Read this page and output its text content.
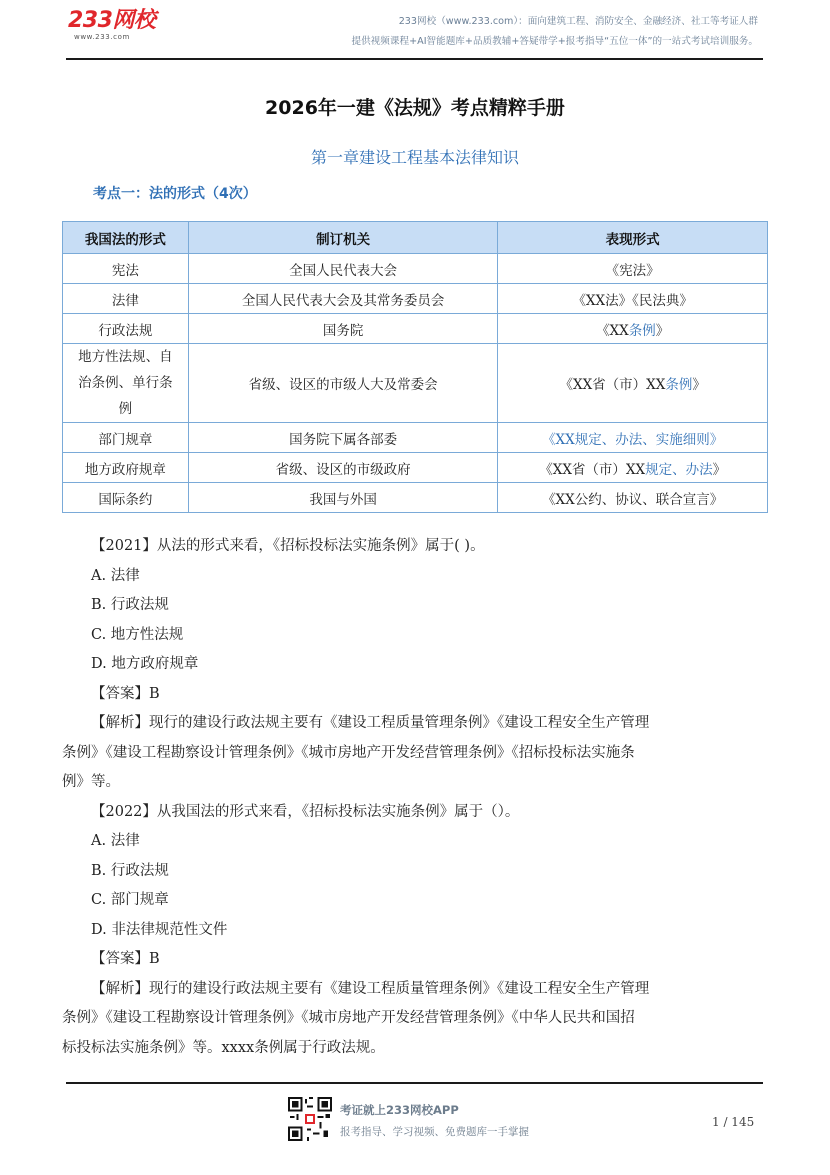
233网校
www.233.com
233网校（www.233.com）：面向建筑工程、消防安全、金融经济、社工等考证人群
提供视频课程+AI智能题库+品质教辅+答疑带学+报考指导“五位一体”的一站式考试培训服务。
2026年一建《法规》考点精粹手册
第一章建设工程基本法律知识
考点一：法的形式（4次）
我国法的形式	制订机关	表现形式
宪法	全国人民代表大会	《宪法》
法律	全国人民代表大会及其常务委员会	《XX法》《民法典》
行政法规	国务院	《XX条例》

地方性法规、自
治条例、单行条
例	省级、设区的市级人大及常委会	《XX省（市）XX条例》
部门规章	国务院下属各部委	《XX规定、办法、实施细则》
地方政府规章	省级、设区的市级政府	《XX省（市）XX规定、办法》
国际条约	我国与外国	《XX公约、协议、联合宣言》

【2021】从法的形式来看，《招标投标法实施条例》属于( )。

A. 法律

B. 行政法规

C. 地方性法规

D. 地方政府规章

【答案】B

【解析】现行的建设行政法规主要有《建设工程质量管理条例》《建设工程安全生产管理

条例》《建设工程勘察设计管理条例》《城市房地产开发经营管理条例》《招标投标法实施条

例》等。

【2022】从我国法的形式来看，《招标投标法实施条例》属于（）。

A. 法律

B. 行政法规

C. 部门规章

D. 非法律规范性文件

【答案】B

【解析】现行的建设行政法规主要有《建设工程质量管理条例》《建设工程安全生产管理

条例》《建设工程勘察设计管理条例》《城市房地产开发经营管理条例》《中华人民共和国招

标投标法实施条例》等。xxxx条例属于行政法规。

考证就上233网校APP
报考指导、学习视频、免费题库一手掌握
1 / 145
